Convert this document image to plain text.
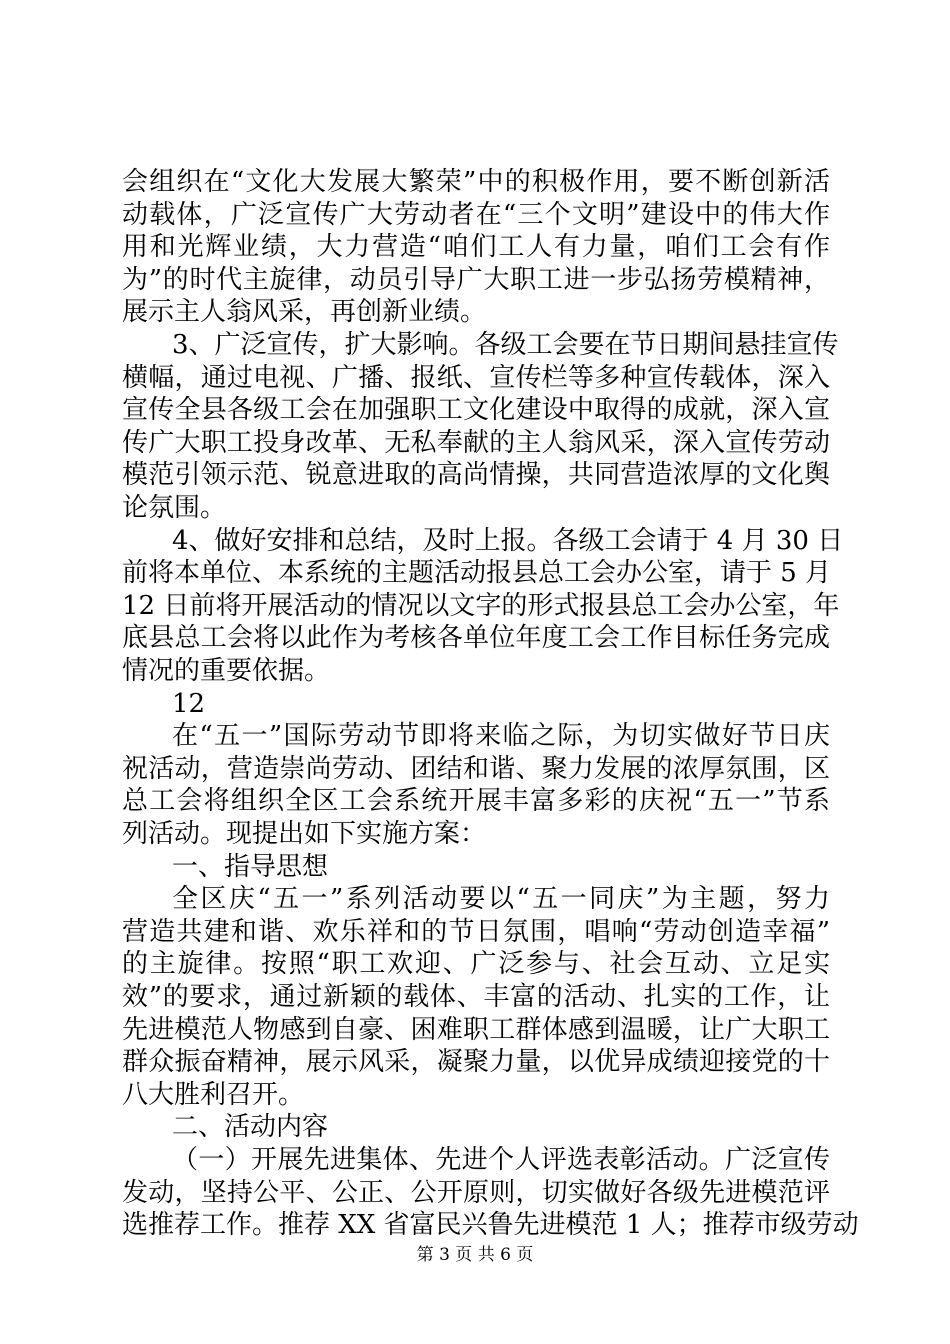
会组织在“文化大发展大繁荣”中的积极作用，要不断创新活
动载体，广泛宣传广大劳动者在“三个文明”建设中的伟大作
用和光辉业绩，大力营造“咱们工人有力量，咱们工会有作
为”的时代主旋律，动员引导广大职工进一步弘扬劳模精神，
展示主人翁风采，再创新业绩。
3、广泛宣传，扩大影响。各级工会要在节日期间悬挂宣传
横幅，通过电视、广播、报纸、宣传栏等多种宣传载体，深入
宣传全县各级工会在加强职工文化建设中取得的成就，深入宣
传广大职工投身改革、无私奉献的主人翁风采，深入宣传劳动
模范引领示范、锐意进取的高尚情操，共同营造浓厚的文化舆
论氛围。
4、做好安排和总结，及时上报。各级工会请于 4 月 30 日
前将本单位、本系统的主题活动报县总工会办公室，请于 5 月
12 日前将开展活动的情况以文字的形式报县总工会办公室，年
底县总工会将以此作为考核各单位年度工会工作目标任务完成
情况的重要依据。
12
在“五一”国际劳动节即将来临之际，为切实做好节日庆
祝活动，营造崇尚劳动、团结和谐、聚力发展的浓厚氛围，区
总工会将组织全区工会系统开展丰富多彩的庆祝“五一”节系
列活动。现提出如下实施方案：
一、指导思想
全区庆“五一”系列活动要以“五一同庆”为主题，努力
营造共建和谐、欢乐祥和的节日氛围，唱响“劳动创造幸福”
的主旋律。按照“职工欢迎、广泛参与、社会互动、立足实
效”的要求，通过新颖的载体、丰富的活动、扎实的工作，让
先进模范人物感到自豪、困难职工群体感到温暖，让广大职工
群众振奋精神，展示风采，凝聚力量，以优异成绩迎接党的十
八大胜利召开。
二、活动内容
（一）开展先进集体、先进个人评选表彰活动。广泛宣传
发动，坚持公平、公正、公开原则，切实做好各级先进模范评
选推荐工作。推荐 XX 省富民兴鲁先进模范 1 人；推荐市级劳动
第 3 页 共 6 页
